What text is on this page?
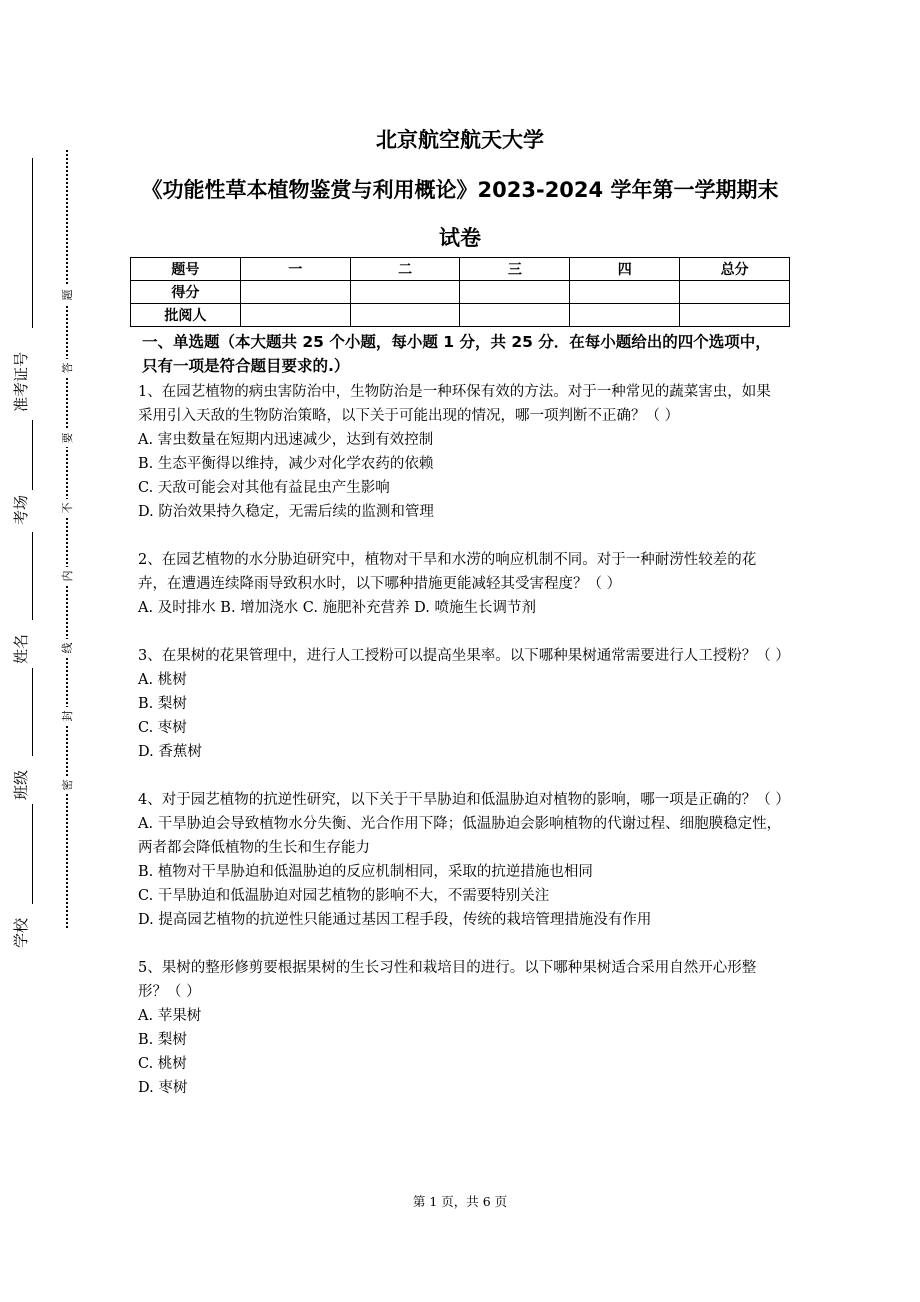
准考证号
考场
姓名
班级
学校
题
答
要
不
内
线
封
密
北京航空航天大学
《功能性草本植物鉴赏与利用概论》2023-2024 学年第一学期期末
试卷
题号	一	二	三	四	总分
得分					
批阅人					
一、单选题（本大题共 25 个小题，每小题 1 分，共 25 分．在每小题给出的四个选项中，只有一项是符合题目要求的.）
1、在园艺植物的病虫害防治中，生物防治是一种环保有效的方法。对于一种常见的蔬菜害虫，如果采用引入天敌的生物防治策略，以下关于可能出现的情况，哪一项判断不正确？（ ）
A. 害虫数量在短期内迅速减少，达到有效控制
B. 生态平衡得以维持，减少对化学农药的依赖
C. 天敌可能会对其他有益昆虫产生影响
D. 防治效果持久稳定，无需后续的监测和管理
2、在园艺植物的水分胁迫研究中，植物对干旱和水涝的响应机制不同。对于一种耐涝性较差的花卉，在遭遇连续降雨导致积水时，以下哪种措施更能减轻其受害程度？（ ）
A. 及时排水 B. 增加浇水 C. 施肥补充营养 D. 喷施生长调节剂
3、在果树的花果管理中，进行人工授粉可以提高坐果率。以下哪种果树通常需要进行人工授粉？（ ）
A. 桃树
B. 梨树
C. 枣树
D. 香蕉树
4、对于园艺植物的抗逆性研究，以下关于干旱胁迫和低温胁迫对植物的影响，哪一项是正确的？（ ）
A. 干旱胁迫会导致植物水分失衡、光合作用下降；低温胁迫会影响植物的代谢过程、细胞膜稳定性，两者都会降低植物的生长和生存能力
B. 植物对干旱胁迫和低温胁迫的反应机制相同，采取的抗逆措施也相同
C. 干旱胁迫和低温胁迫对园艺植物的影响不大，不需要特别关注
D. 提高园艺植物的抗逆性只能通过基因工程手段，传统的栽培管理措施没有作用
5、果树的整形修剪要根据果树的生长习性和栽培目的进行。以下哪种果树适合采用自然开心形整形？（ ）
A. 苹果树
B. 梨树
C. 桃树
D. 枣树
第 1 页，共 6 页
